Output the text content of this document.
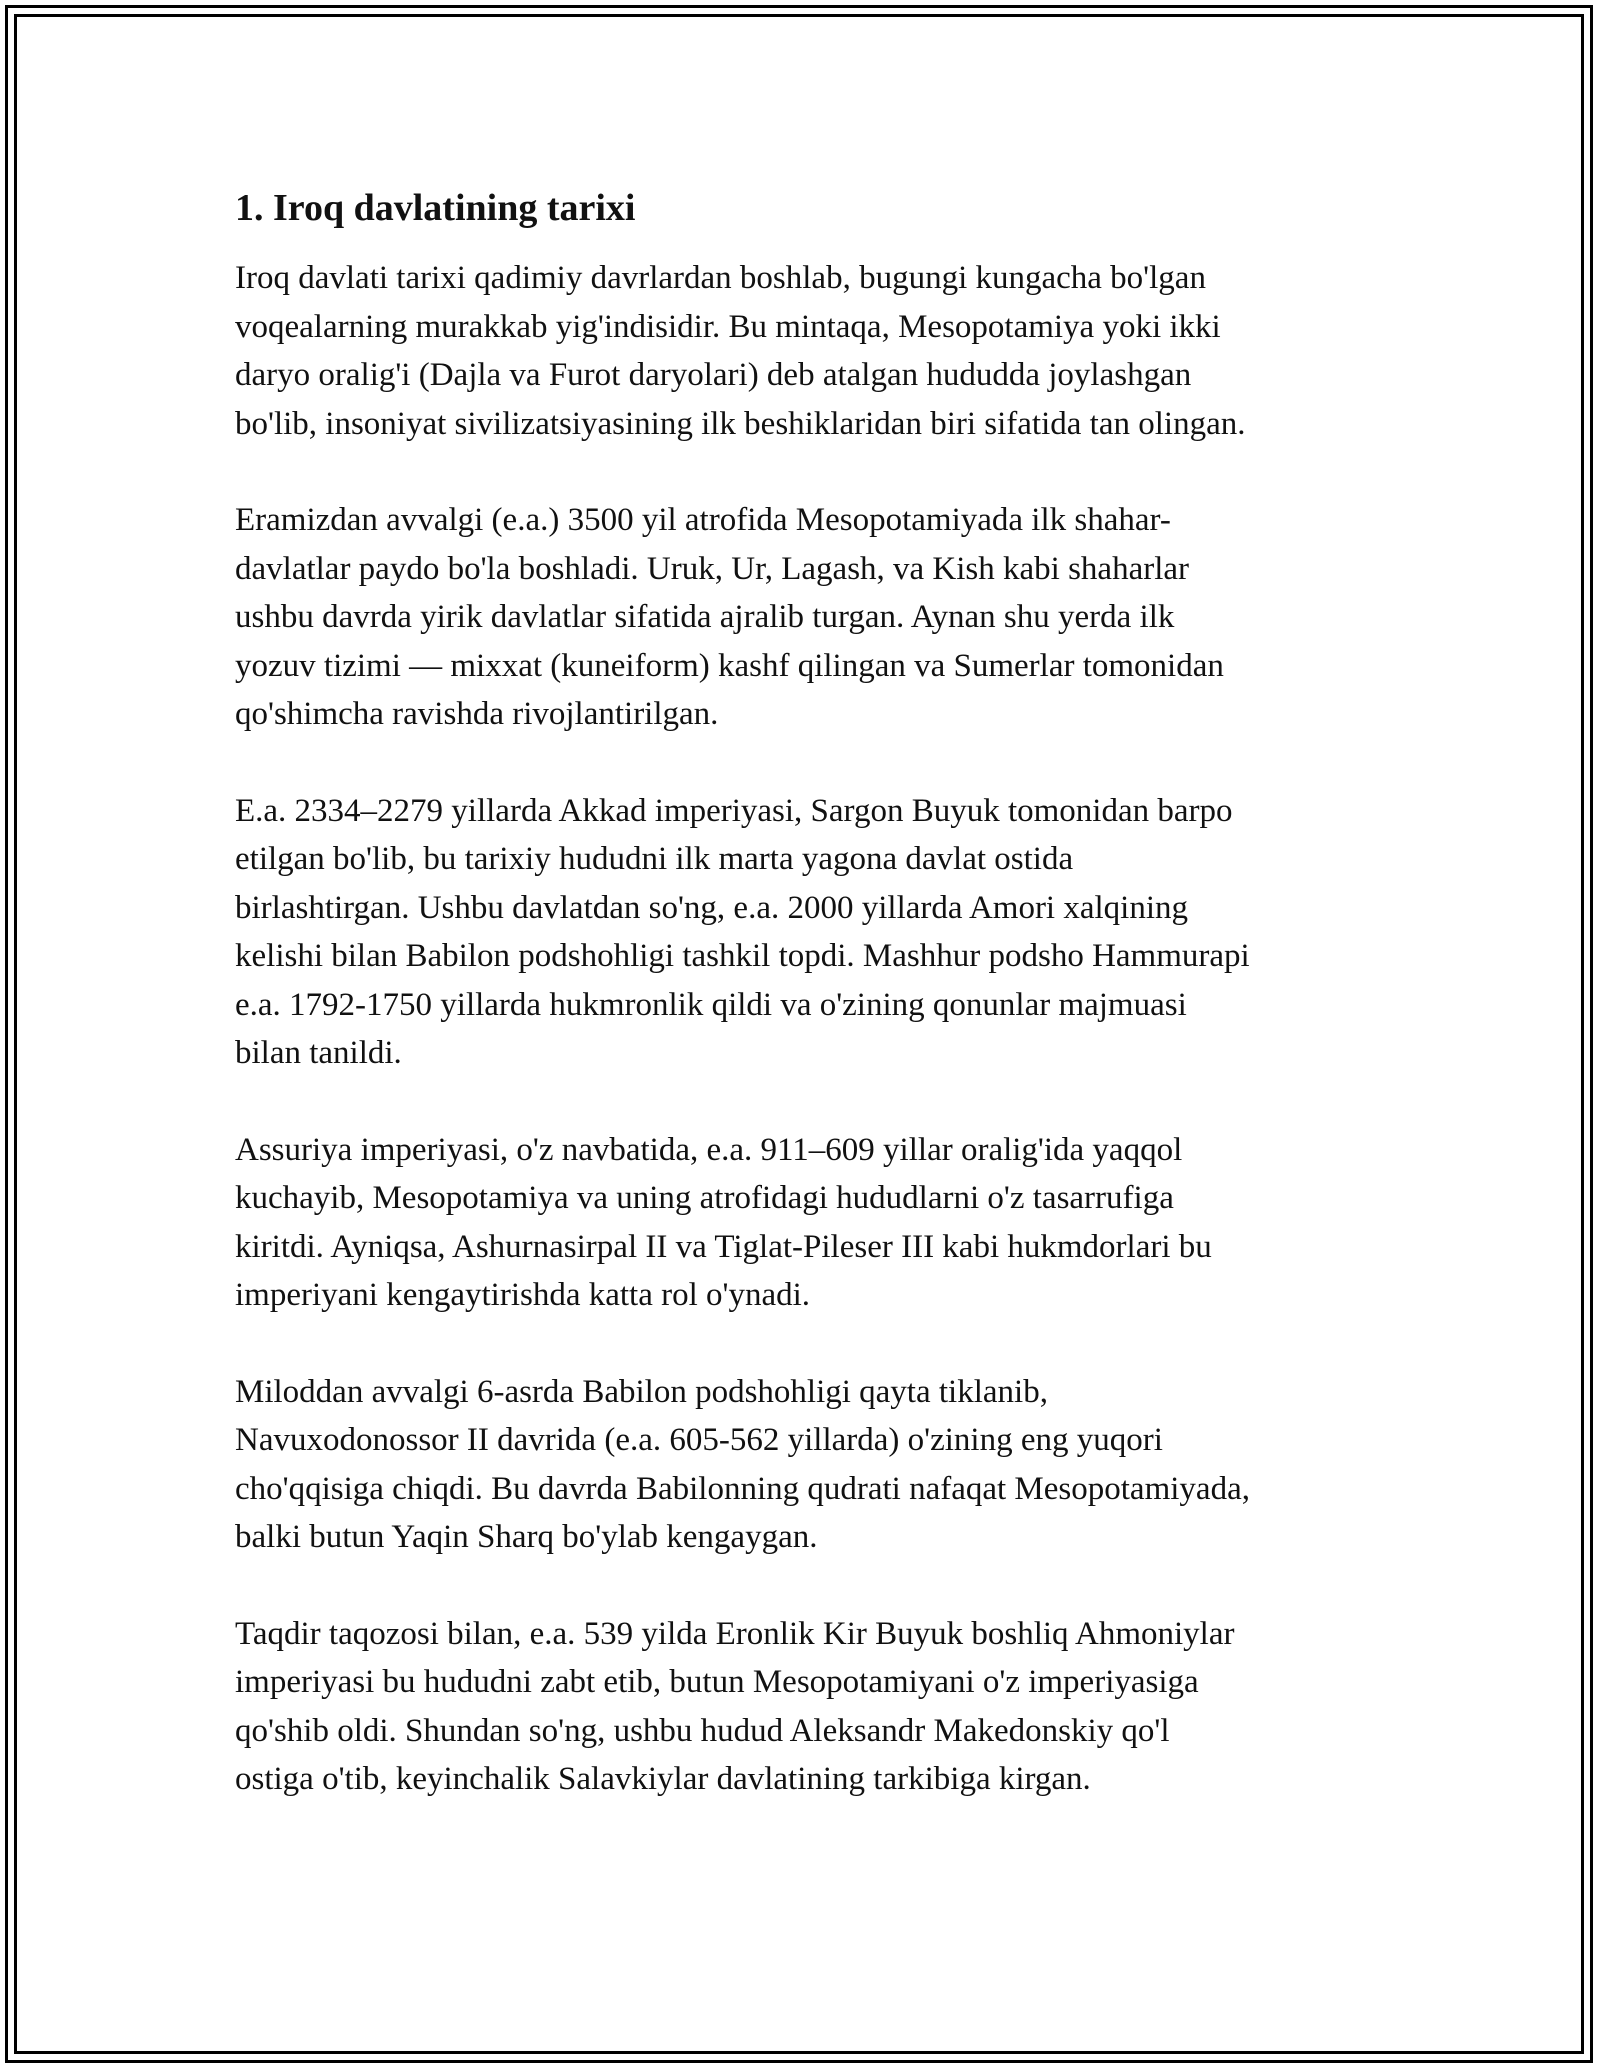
1. Iroq davlatining tarixi

Iroq davlati tarixi qadimiy davrlardan boshlab, bugungi kungacha bo'lgan
voqealarning murakkab yig'indisidir. Bu mintaqa, Mesopotamiya yoki ikki
daryo oralig'i (Dajla va Furot daryolari) deb atalgan hududda joylashgan
bo'lib, insoniyat sivilizatsiyasining ilk beshiklaridan biri sifatida tan olingan.

Eramizdan avvalgi (e.a.) 3500 yil atrofida Mesopotamiyada ilk shahar-
davlatlar paydo bo'la boshladi. Uruk, Ur, Lagash, va Kish kabi shaharlar
ushbu davrda yirik davlatlar sifatida ajralib turgan. Aynan shu yerda ilk
yozuv tizimi — mixxat (kuneiform) kashf qilingan va Sumerlar tomonidan
qo'shimcha ravishda rivojlantirilgan.

E.a. 2334–2279 yillarda Akkad imperiyasi, Sargon Buyuk tomonidan barpo
etilgan bo'lib, bu tarixiy hududni ilk marta yagona davlat ostida
birlashtirgan. Ushbu davlatdan so'ng, e.a. 2000 yillarda Amori xalqining
kelishi bilan Babilon podshohligi tashkil topdi. Mashhur podsho Hammurapi
e.a. 1792-1750 yillarda hukmronlik qildi va o'zining qonunlar majmuasi
bilan tanildi.

Assuriya imperiyasi, o'z navbatida, e.a. 911–609 yillar oralig'ida yaqqol
kuchayib, Mesopotamiya va uning atrofidagi hududlarni o'z tasarrufiga
kiritdi. Ayniqsa, Ashurnasirpal II va Tiglat-Pileser III kabi hukmdorlari bu
imperiyani kengaytirishda katta rol o'ynadi.

Miloddan avvalgi 6-asrda Babilon podshohligi qayta tiklanib,
Navuxodonossor II davrida (e.a. 605-562 yillarda) o'zining eng yuqori
cho'qqisiga chiqdi. Bu davrda Babilonning qudrati nafaqat Mesopotamiyada,
balki butun Yaqin Sharq bo'ylab kengaygan.

Taqdir taqozosi bilan, e.a. 539 yilda Eronlik Kir Buyuk boshliq Ahmoniylar
imperiyasi bu hududni zabt etib, butun Mesopotamiyani o'z imperiyasiga
qo'shib oldi. Shundan so'ng, ushbu hudud Aleksandr Makedonskiy qo'l
ostiga o'tib, keyinchalik Salavkiylar davlatining tarkibiga kirgan.
